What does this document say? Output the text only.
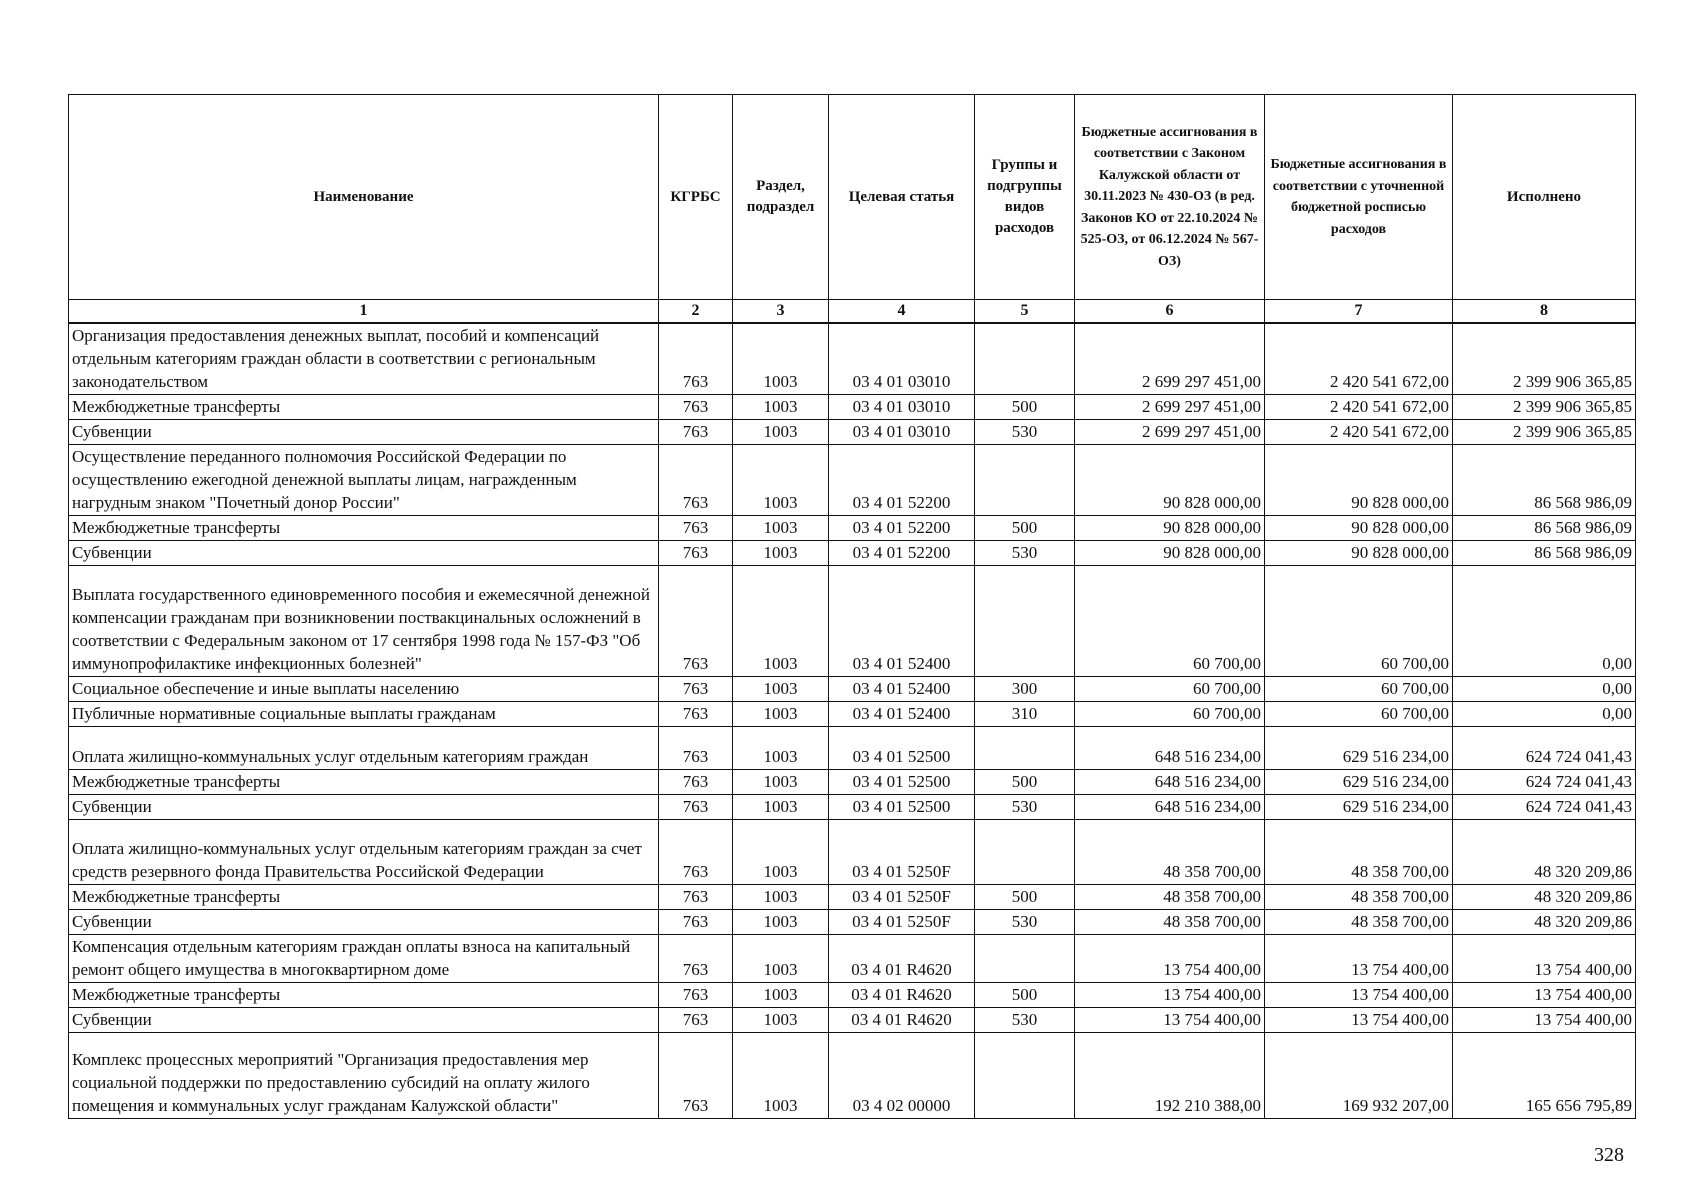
Наименование	КГРБС	Раздел, подраздел	Целевая статья	Группы и подгруппы видов расходов	Бюджетные ассигнования в соответствии с Законом Калужской области от 30.11.2023 № 430-ОЗ (в ред. Законов КО от 22.10.2024 № 525-ОЗ, от 06.12.2024 № 567-ОЗ)	Бюджетные ассигнования в соответствии с уточненной бюджетной росписью расходов	Исполнено
1	2	3	4	5	6	7	8
Организация предоставления денежных выплат, пособий и компенсаций отдельным категориям граждан области в соответствии с региональным законодательством	763	1003	03 4 01 03010		2 699 297 451,00	2 420 541 672,00	2 399 906 365,85
Межбюджетные трансферты	763	1003	03 4 01 03010	500	2 699 297 451,00	2 420 541 672,00	2 399 906 365,85
Субвенции	763	1003	03 4 01 03010	530	2 699 297 451,00	2 420 541 672,00	2 399 906 365,85
Осуществление переданного полномочия Российской Федерации по осуществлению ежегодной денежной выплаты лицам, награжденным нагрудным знаком "Почетный донор России"	763	1003	03 4 01 52200		90 828 000,00	90 828 000,00	86 568 986,09
Межбюджетные трансферты	763	1003	03 4 01 52200	500	90 828 000,00	90 828 000,00	86 568 986,09
Субвенции	763	1003	03 4 01 52200	530	90 828 000,00	90 828 000,00	86 568 986,09
Выплата государственного единовременного пособия и ежемесячной денежной компенсации гражданам при возникновении поствакцинальных осложнений в соответствии с Федеральным законом от 17 сентября 1998 года № 157-ФЗ "Об иммунопрофилактике инфекционных болезней"	763	1003	03 4 01 52400		60 700,00	60 700,00	0,00
Социальное обеспечение и иные выплаты населению	763	1003	03 4 01 52400	300	60 700,00	60 700,00	0,00
Публичные нормативные социальные выплаты гражданам	763	1003	03 4 01 52400	310	60 700,00	60 700,00	0,00
Оплата жилищно-коммунальных услуг отдельным категориям граждан	763	1003	03 4 01 52500		648 516 234,00	629 516 234,00	624 724 041,43
Межбюджетные трансферты	763	1003	03 4 01 52500	500	648 516 234,00	629 516 234,00	624 724 041,43
Субвенции	763	1003	03 4 01 52500	530	648 516 234,00	629 516 234,00	624 724 041,43
Оплата жилищно-коммунальных услуг отдельным категориям граждан за счет средств резервного фонда Правительства Российской Федерации	763	1003	03 4 01 5250F		48 358 700,00	48 358 700,00	48 320 209,86
Межбюджетные трансферты	763	1003	03 4 01 5250F	500	48 358 700,00	48 358 700,00	48 320 209,86
Субвенции	763	1003	03 4 01 5250F	530	48 358 700,00	48 358 700,00	48 320 209,86
Компенсация отдельным категориям граждан оплаты взноса на капитальный ремонт общего имущества в многоквартирном доме	763	1003	03 4 01 R4620		13 754 400,00	13 754 400,00	13 754 400,00
Межбюджетные трансферты	763	1003	03 4 01 R4620	500	13 754 400,00	13 754 400,00	13 754 400,00
Субвенции	763	1003	03 4 01 R4620	530	13 754 400,00	13 754 400,00	13 754 400,00
Комплекс процессных мероприятий "Организация предоставления мер социальной поддержки по предоставлению субсидий на оплату жилого помещения и коммунальных услуг гражданам Калужской области"	763	1003	03 4 02 00000		192 210 388,00	169 932 207,00	165 656 795,89
328
